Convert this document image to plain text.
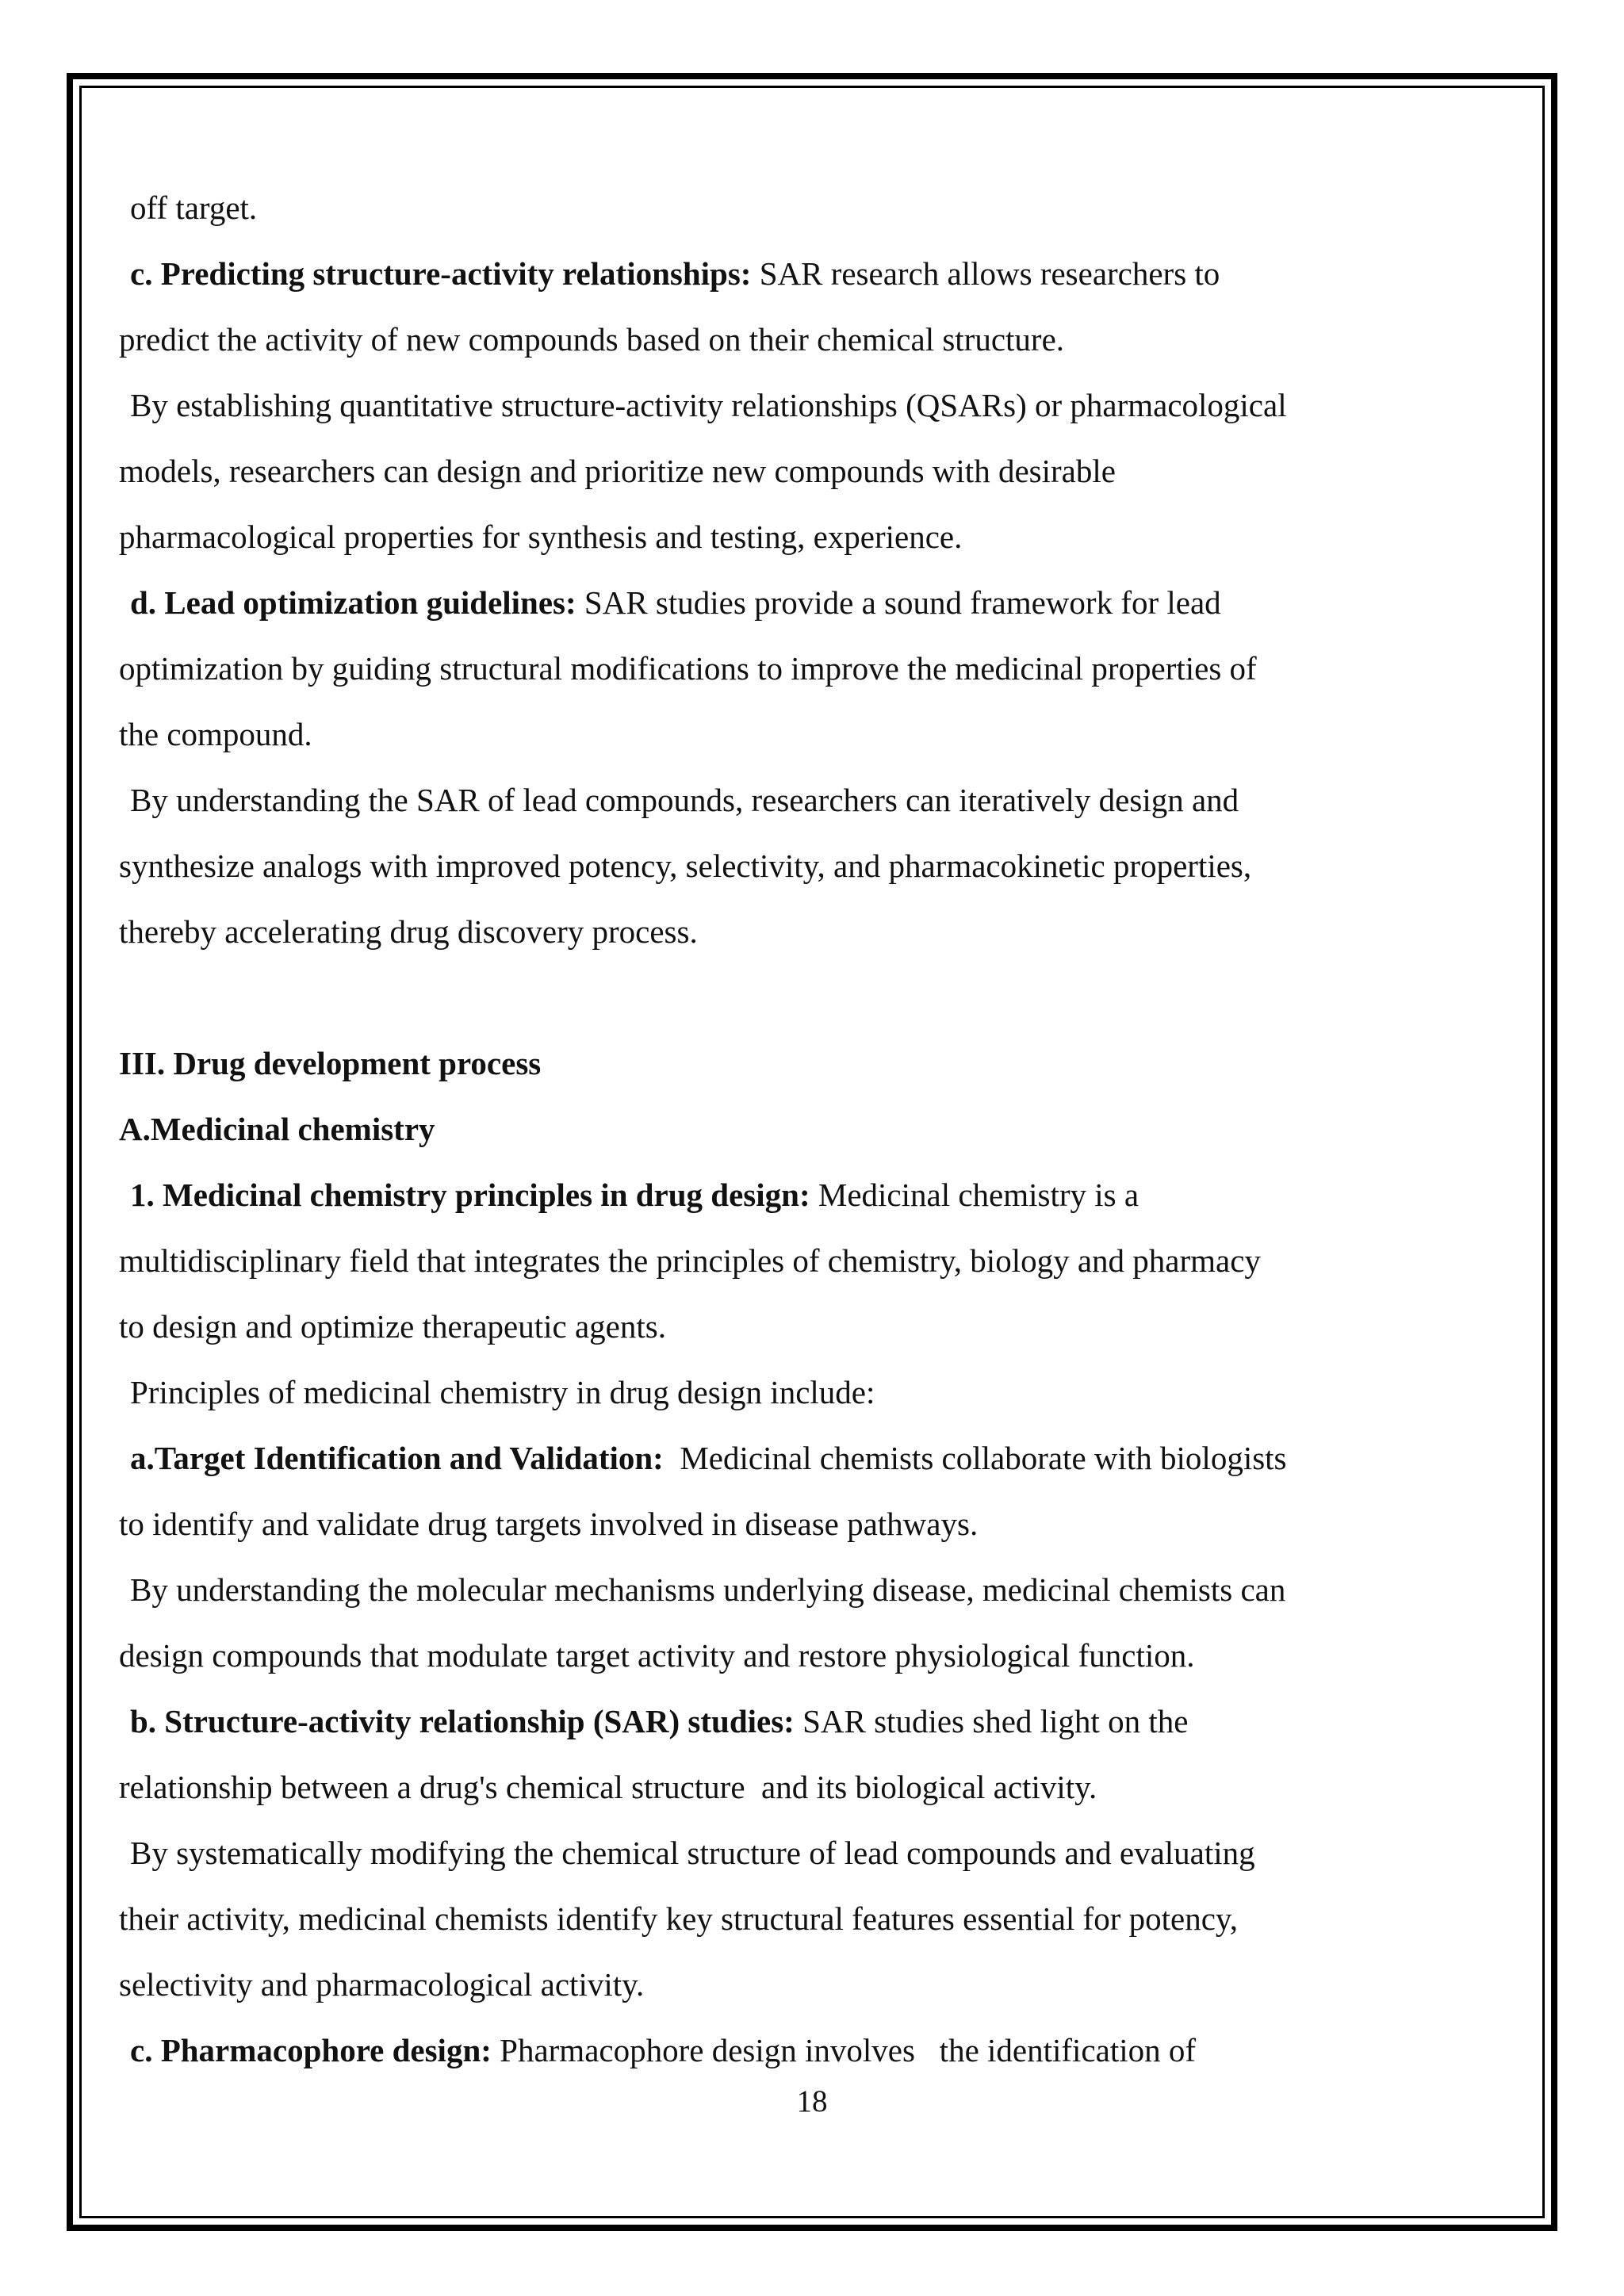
off target.
c. Predicting structure-activity relationships: SAR research allows researchers to
predict the activity of new compounds based on their chemical structure.
By establishing quantitative structure-activity relationships (QSARs) or pharmacological
models, researchers can design and prioritize new compounds with desirable
pharmacological properties for synthesis and testing, experience.
d. Lead optimization guidelines: SAR studies provide a sound framework for lead
optimization by guiding structural modifications to improve the medicinal properties of
the compound.
By understanding the SAR of lead compounds, researchers can iteratively design and
synthesize analogs with improved potency, selectivity, and pharmacokinetic properties,
thereby accelerating drug discovery process.
III. Drug development process
A.Medicinal chemistry
1. Medicinal chemistry principles in drug design: Medicinal chemistry is a
multidisciplinary field that integrates the principles of chemistry, biology and pharmacy
to design and optimize therapeutic agents.
Principles of medicinal chemistry in drug design include:
a.Target Identification and Validation:  Medicinal chemists collaborate with biologists
to identify and validate drug targets involved in disease pathways.
By understanding the molecular mechanisms underlying disease, medicinal chemists can
design compounds that modulate target activity and restore physiological function.
b. Structure-activity relationship (SAR) studies: SAR studies shed light on the
relationship between a drug's chemical structure  and its biological activity.
By systematically modifying the chemical structure of lead compounds and evaluating
their activity, medicinal chemists identify key structural features essential for potency,
selectivity and pharmacological activity.
c. Pharmacophore design: Pharmacophore design involves   the identification of
18
